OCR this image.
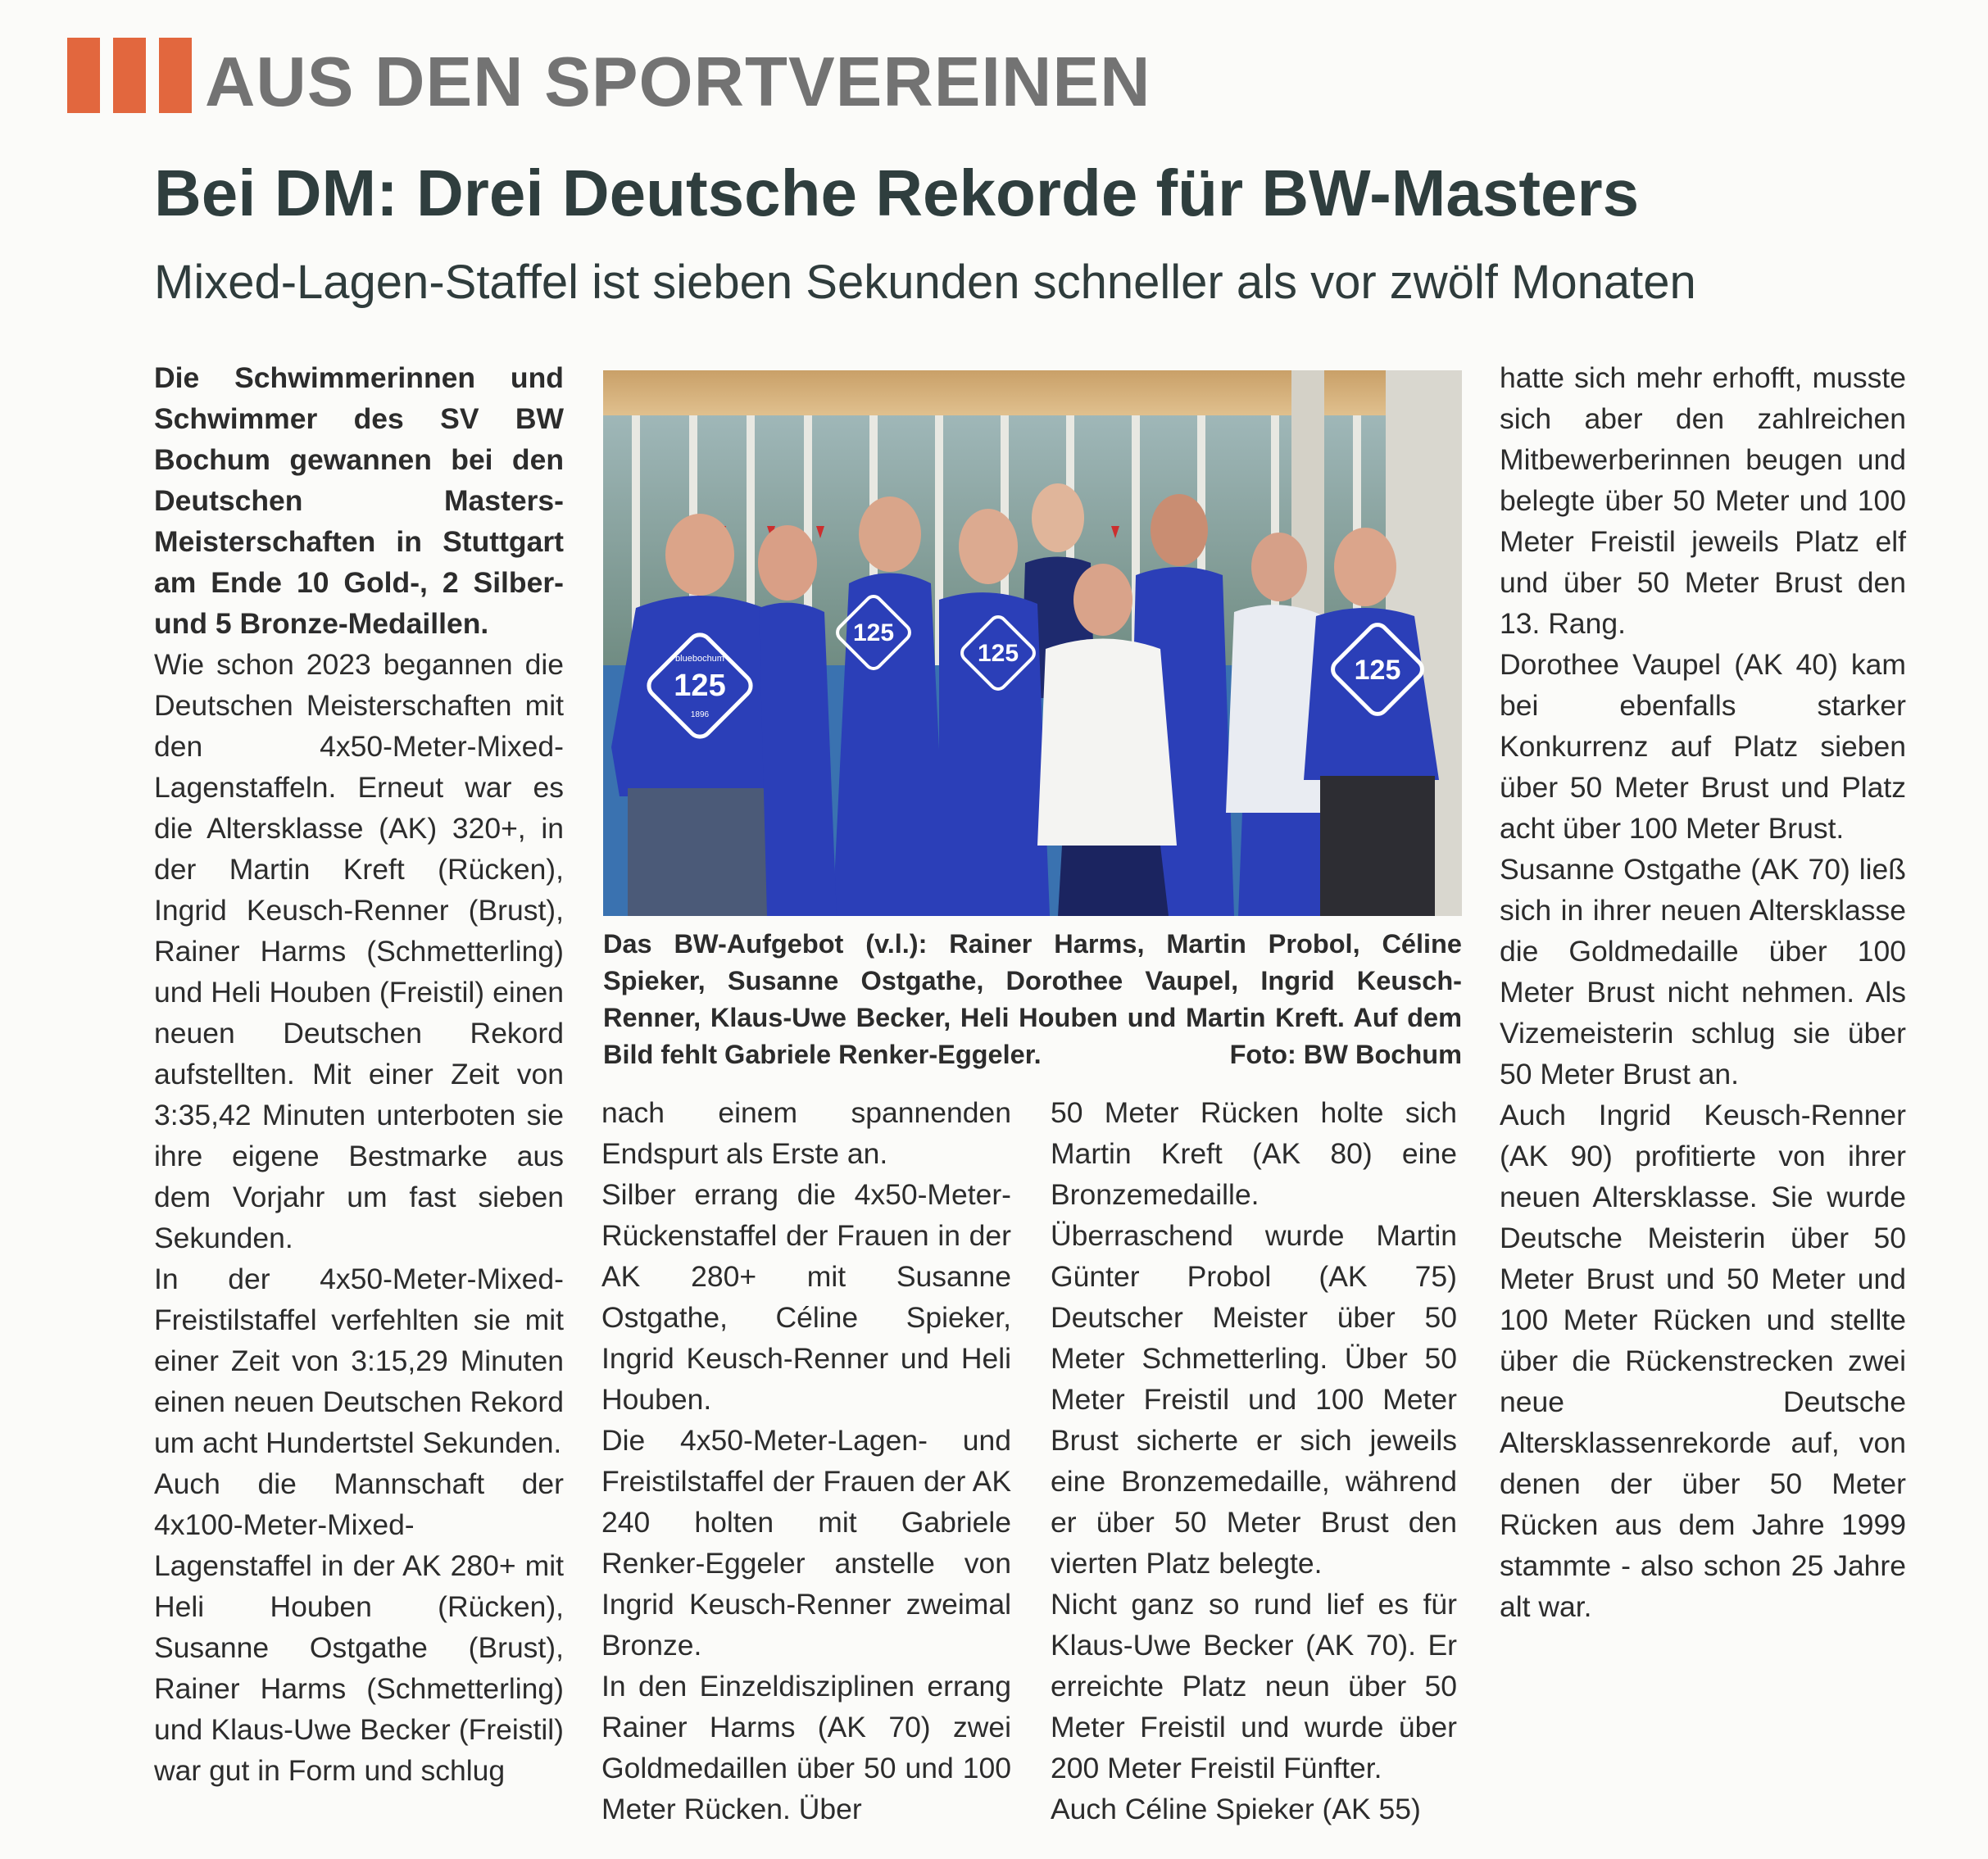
AUS DEN SPORTVEREINEN
Bei DM: Drei Deutsche Rekorde für BW-Masters
Mixed-Lagen-Staffel ist sieben Sekunden schneller als vor zwölf Monaten

Die Schwimmerinnen und Schwimmer des SV BW Bochum gewannen bei den Deutschen Masters-Meisterschaften in Stuttgart am Ende 10 Gold-, 2 Silber- und 5 Bronze-Medaillen.

Wie schon 2023 begannen die Deutschen Meisterschaften mit den 4x50-Meter-Mixed-Lagenstaffeln. Erneut war es die Altersklasse (AK) 320+, in der Martin Kreft (Rücken), Ingrid Keusch-Renner (Brust), Rainer Harms (Schmetterling) und Heli Houben (Freistil) einen neuen Deutschen Rekord aufstellten. Mit einer Zeit von 3:35,42 Minuten unterboten sie ihre eigene Bestmarke aus dem Vorjahr um fast sieben Sekunden.

In der 4x50-Meter-Mixed-Freistilstaffel verfehlten sie mit einer Zeit von 3:15,29 Minuten einen neuen Deutschen Rekord um acht Hundertstel Sekunden.

Auch die Mannschaft der 4x100-Meter-Mixed-Lagenstaffel in der AK 280+ mit Heli Houben (Rücken), Susanne Ostgathe (Brust), Rainer Harms (Schmetterling) und Klaus-Uwe Becker (Freistil) war gut in Form und schlug

125
bluebochum
1896
125
125
125
Das BW-Aufgebot (v.l.): Rainer Harms, Martin Probol, Céline Spieker, Susanne Ostgathe, Dorothee Vaupel, Ingrid Keusch-Renner, Klaus-Uwe Becker, Heli Houben und Martin Kreft. Auf dem Bild fehlt Gabriele Renker-Eggeler.	Foto: BW Bochum

nach einem spannenden Endspurt als Erste an.

Silber errang die 4x50-Meter-Rückenstaffel der Frauen in der AK 280+ mit Susanne Ostgathe, Céline Spieker, Ingrid Keusch-Renner und Heli Houben.

Die 4x50-Meter-Lagen- und Freistilstaffel der Frauen der AK 240 holten mit Gabriele Renker-Eggeler anstelle von Ingrid Keusch-Renner zweimal Bronze.

In den Einzeldisziplinen errang Rainer Harms (AK 70) zwei Goldmedaillen über 50 und 100 Meter Rücken. Über

50 Meter Rücken holte sich Martin Kreft (AK 80) eine Bronzemedaille.

Überraschend wurde Martin Günter Probol (AK 75) Deutscher Meister über 50 Meter Schmetterling. Über 50 Meter Freistil und 100 Meter Brust sicherte er sich jeweils eine Bronzemedaille, während er über 50 Meter Brust den vierten Platz belegte.

Nicht ganz so rund lief es für Klaus-Uwe Becker (AK 70). Er erreichte Platz neun über 50 Meter Freistil und wurde über 200 Meter Freistil Fünfter.

Auch Céline Spieker (AK 55)

hatte sich mehr erhofft, musste sich aber den zahlreichen Mitbewerberinnen beugen und belegte über 50 Meter und 100 Meter Freistil jeweils Platz elf und über 50 Meter Brust den 13. Rang.

Dorothee Vaupel (AK 40) kam bei ebenfalls starker Konkurrenz auf Platz sieben über 50 Meter Brust und Platz acht über 100 Meter Brust.

Susanne Ostgathe (AK 70) ließ sich in ihrer neuen Altersklasse die Goldmedaille über 100 Meter Brust nicht nehmen. Als Vizemeisterin schlug sie über 50 Meter Brust an.

Auch Ingrid Keusch-Renner (AK 90) profitierte von ihrer neuen Altersklasse. Sie wurde Deutsche Meisterin über 50 Meter Brust und 50 Meter und 100 Meter Rücken und stellte über die Rückenstrecken zwei neue Deutsche Altersklassenrekorde auf, von denen der über 50 Meter Rücken aus dem Jahre 1999 stammte - also schon 25 Jahre alt war.
